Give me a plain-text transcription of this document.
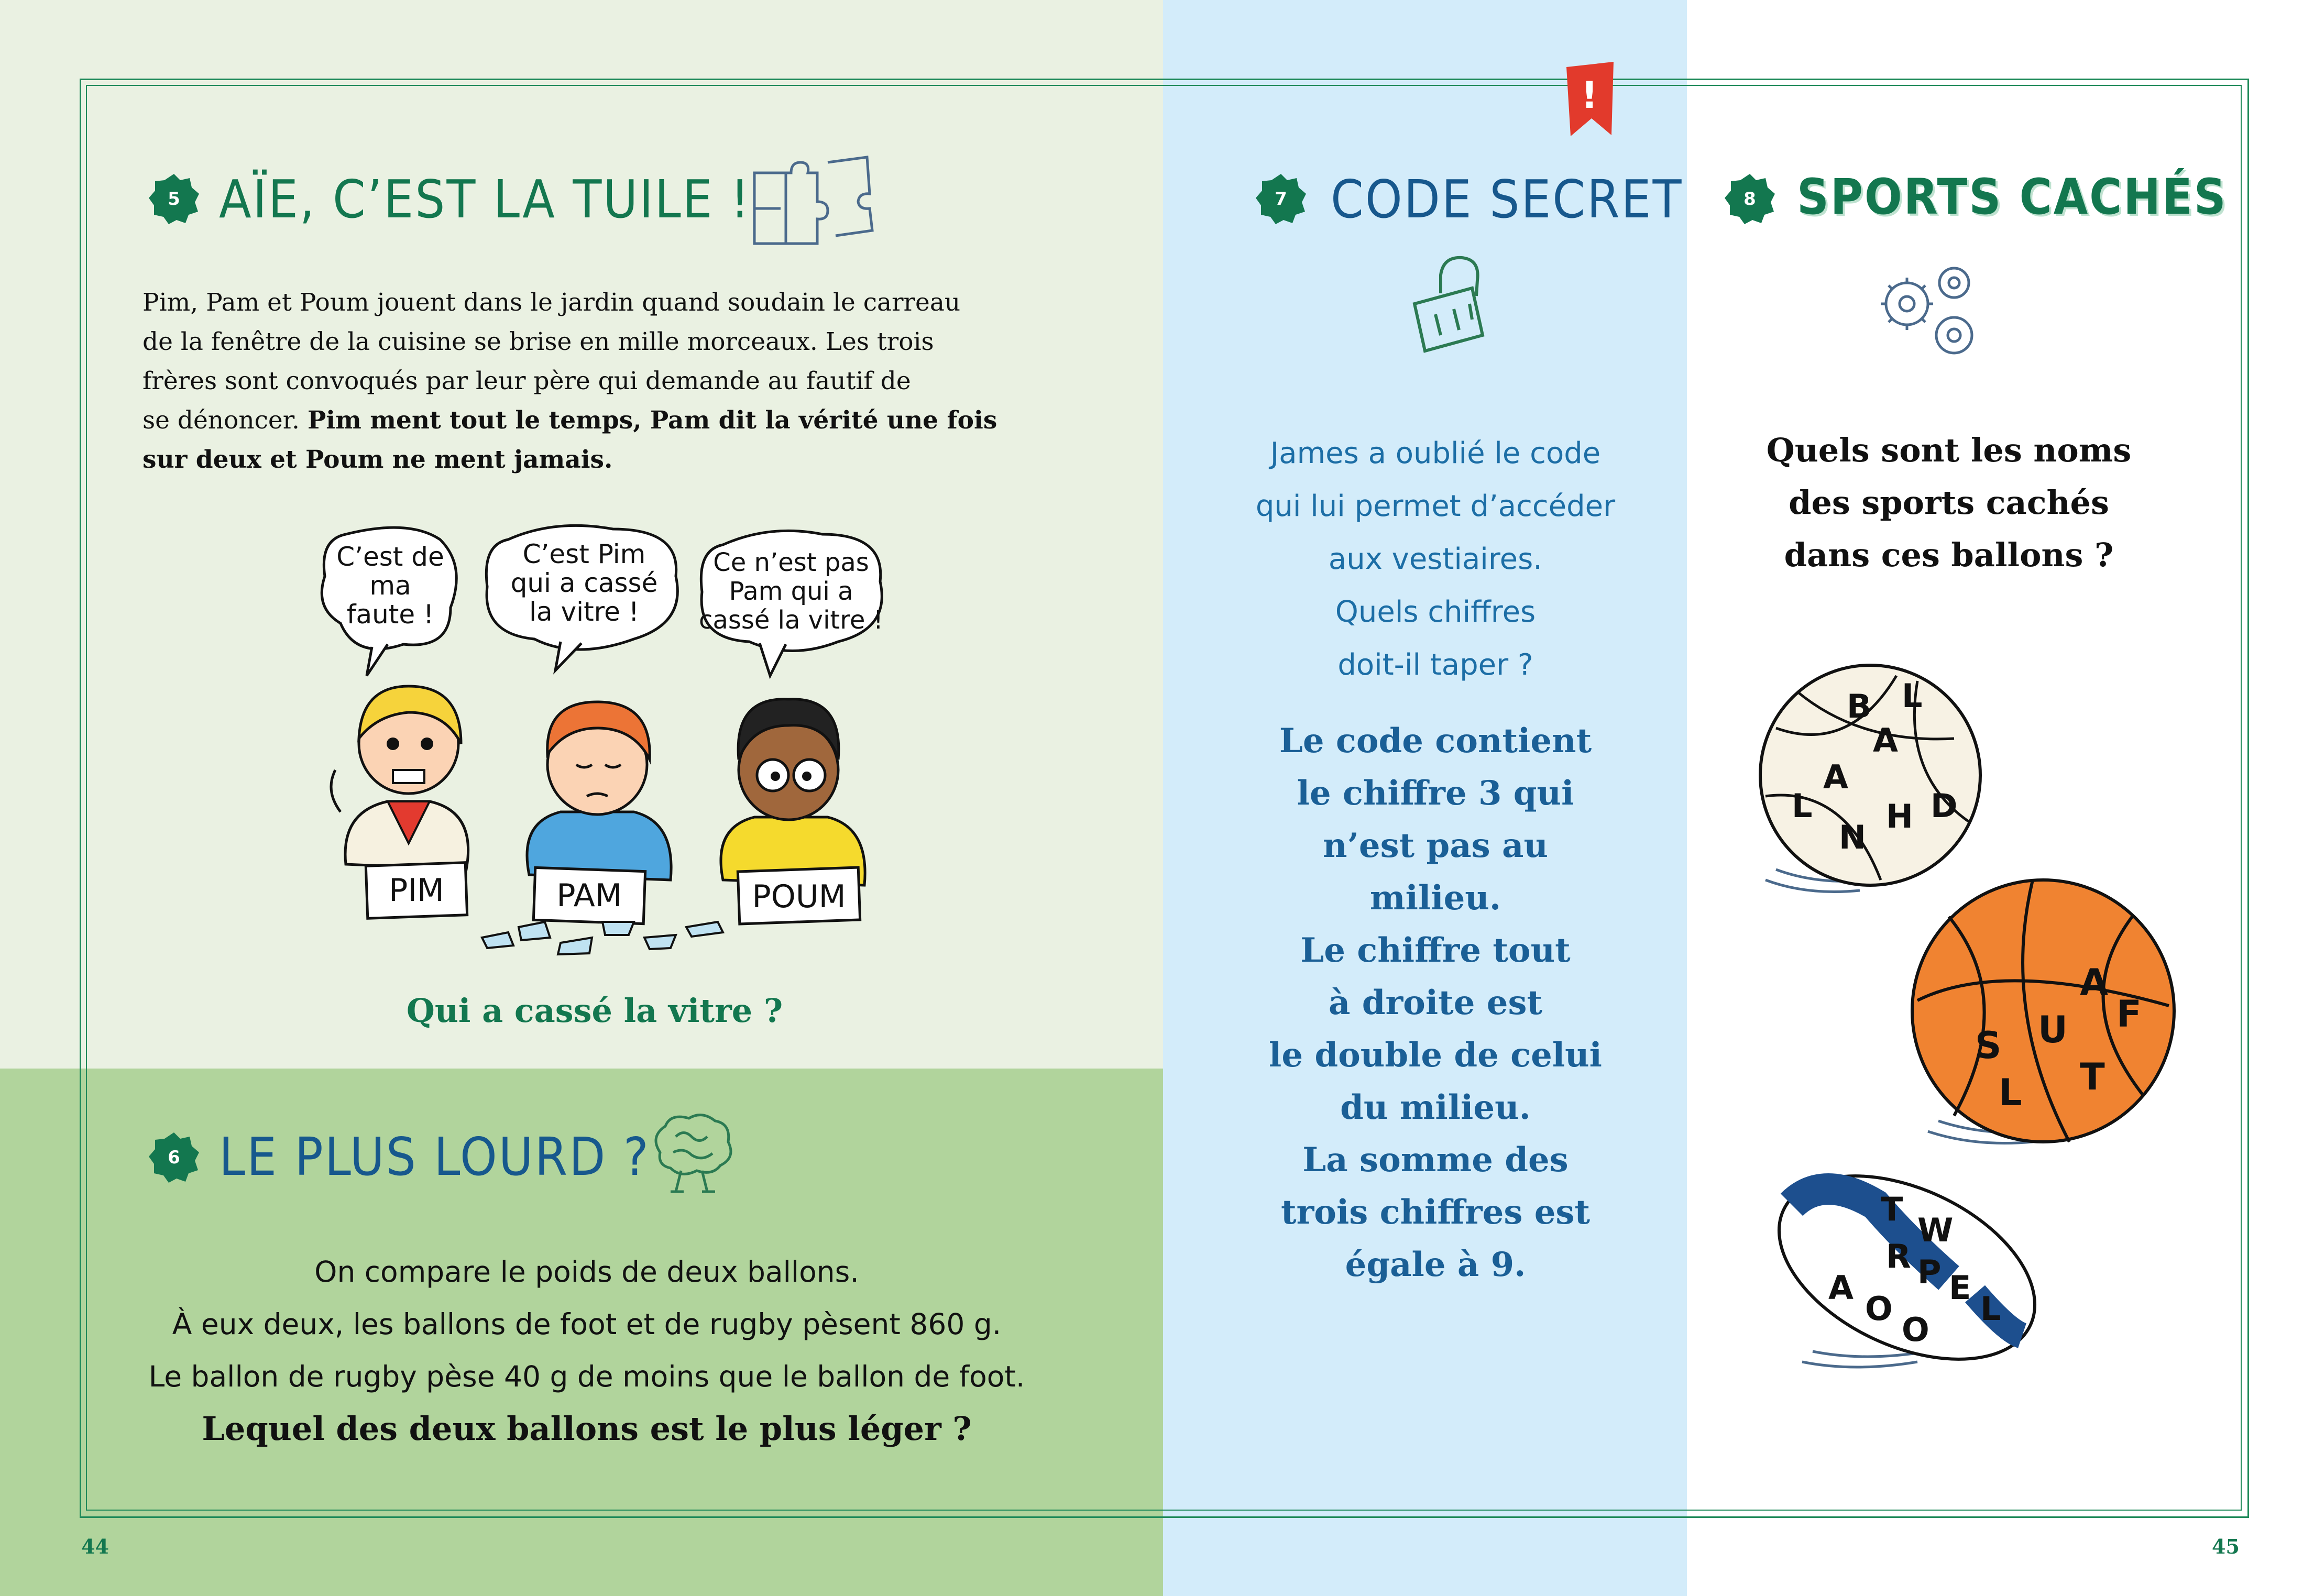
!
5 AÏE, C’EST LA TUILE !
Pim, Pam et Poum jouent dans le jardin quand soudain le carreau
de la fenêtre de la cuisine se brise en mille morceaux. Les trois
frères sont convoqués par leur père qui demande au fautif de
se dénoncer. Pim ment tout le temps, Pam dit la vérité une fois
sur deux et Poum ne ment jamais.
C’est de
ma
faute !
C’est Pim
qui a cassé
la vitre !
Ce n’est pas
Pam qui a
cassé la vitre !
PIM	PAM	POUM
Qui a cassé la vitre ?
6 LE PLUS LOURD ?
On compare le poids de deux ballons.
À eux deux, les ballons de foot et de rugby pèsent 860 g.
Le ballon de rugby pèse 40 g de moins que le ballon de foot.
Lequel des deux ballons est le plus léger ?
7 CODE SECRET
James a oublié le code
qui lui permet d’accéder
aux vestiaires.
Quels chiffres
doit-il taper ?
Le code contient
le chiffre 3 qui
n’est pas au
milieu.
Le chiffre tout
à droite est
le double de celui
du milieu.
La somme des
trois chiffres est
égale à 9.
8 SPORTS CACHÉS
Quels sont les noms
des sports cachés
dans ces ballons ?
B
A
L
L
A
H D
N
S U
A
F
L T
T
W
R P E
L
A
O
O
44	45
